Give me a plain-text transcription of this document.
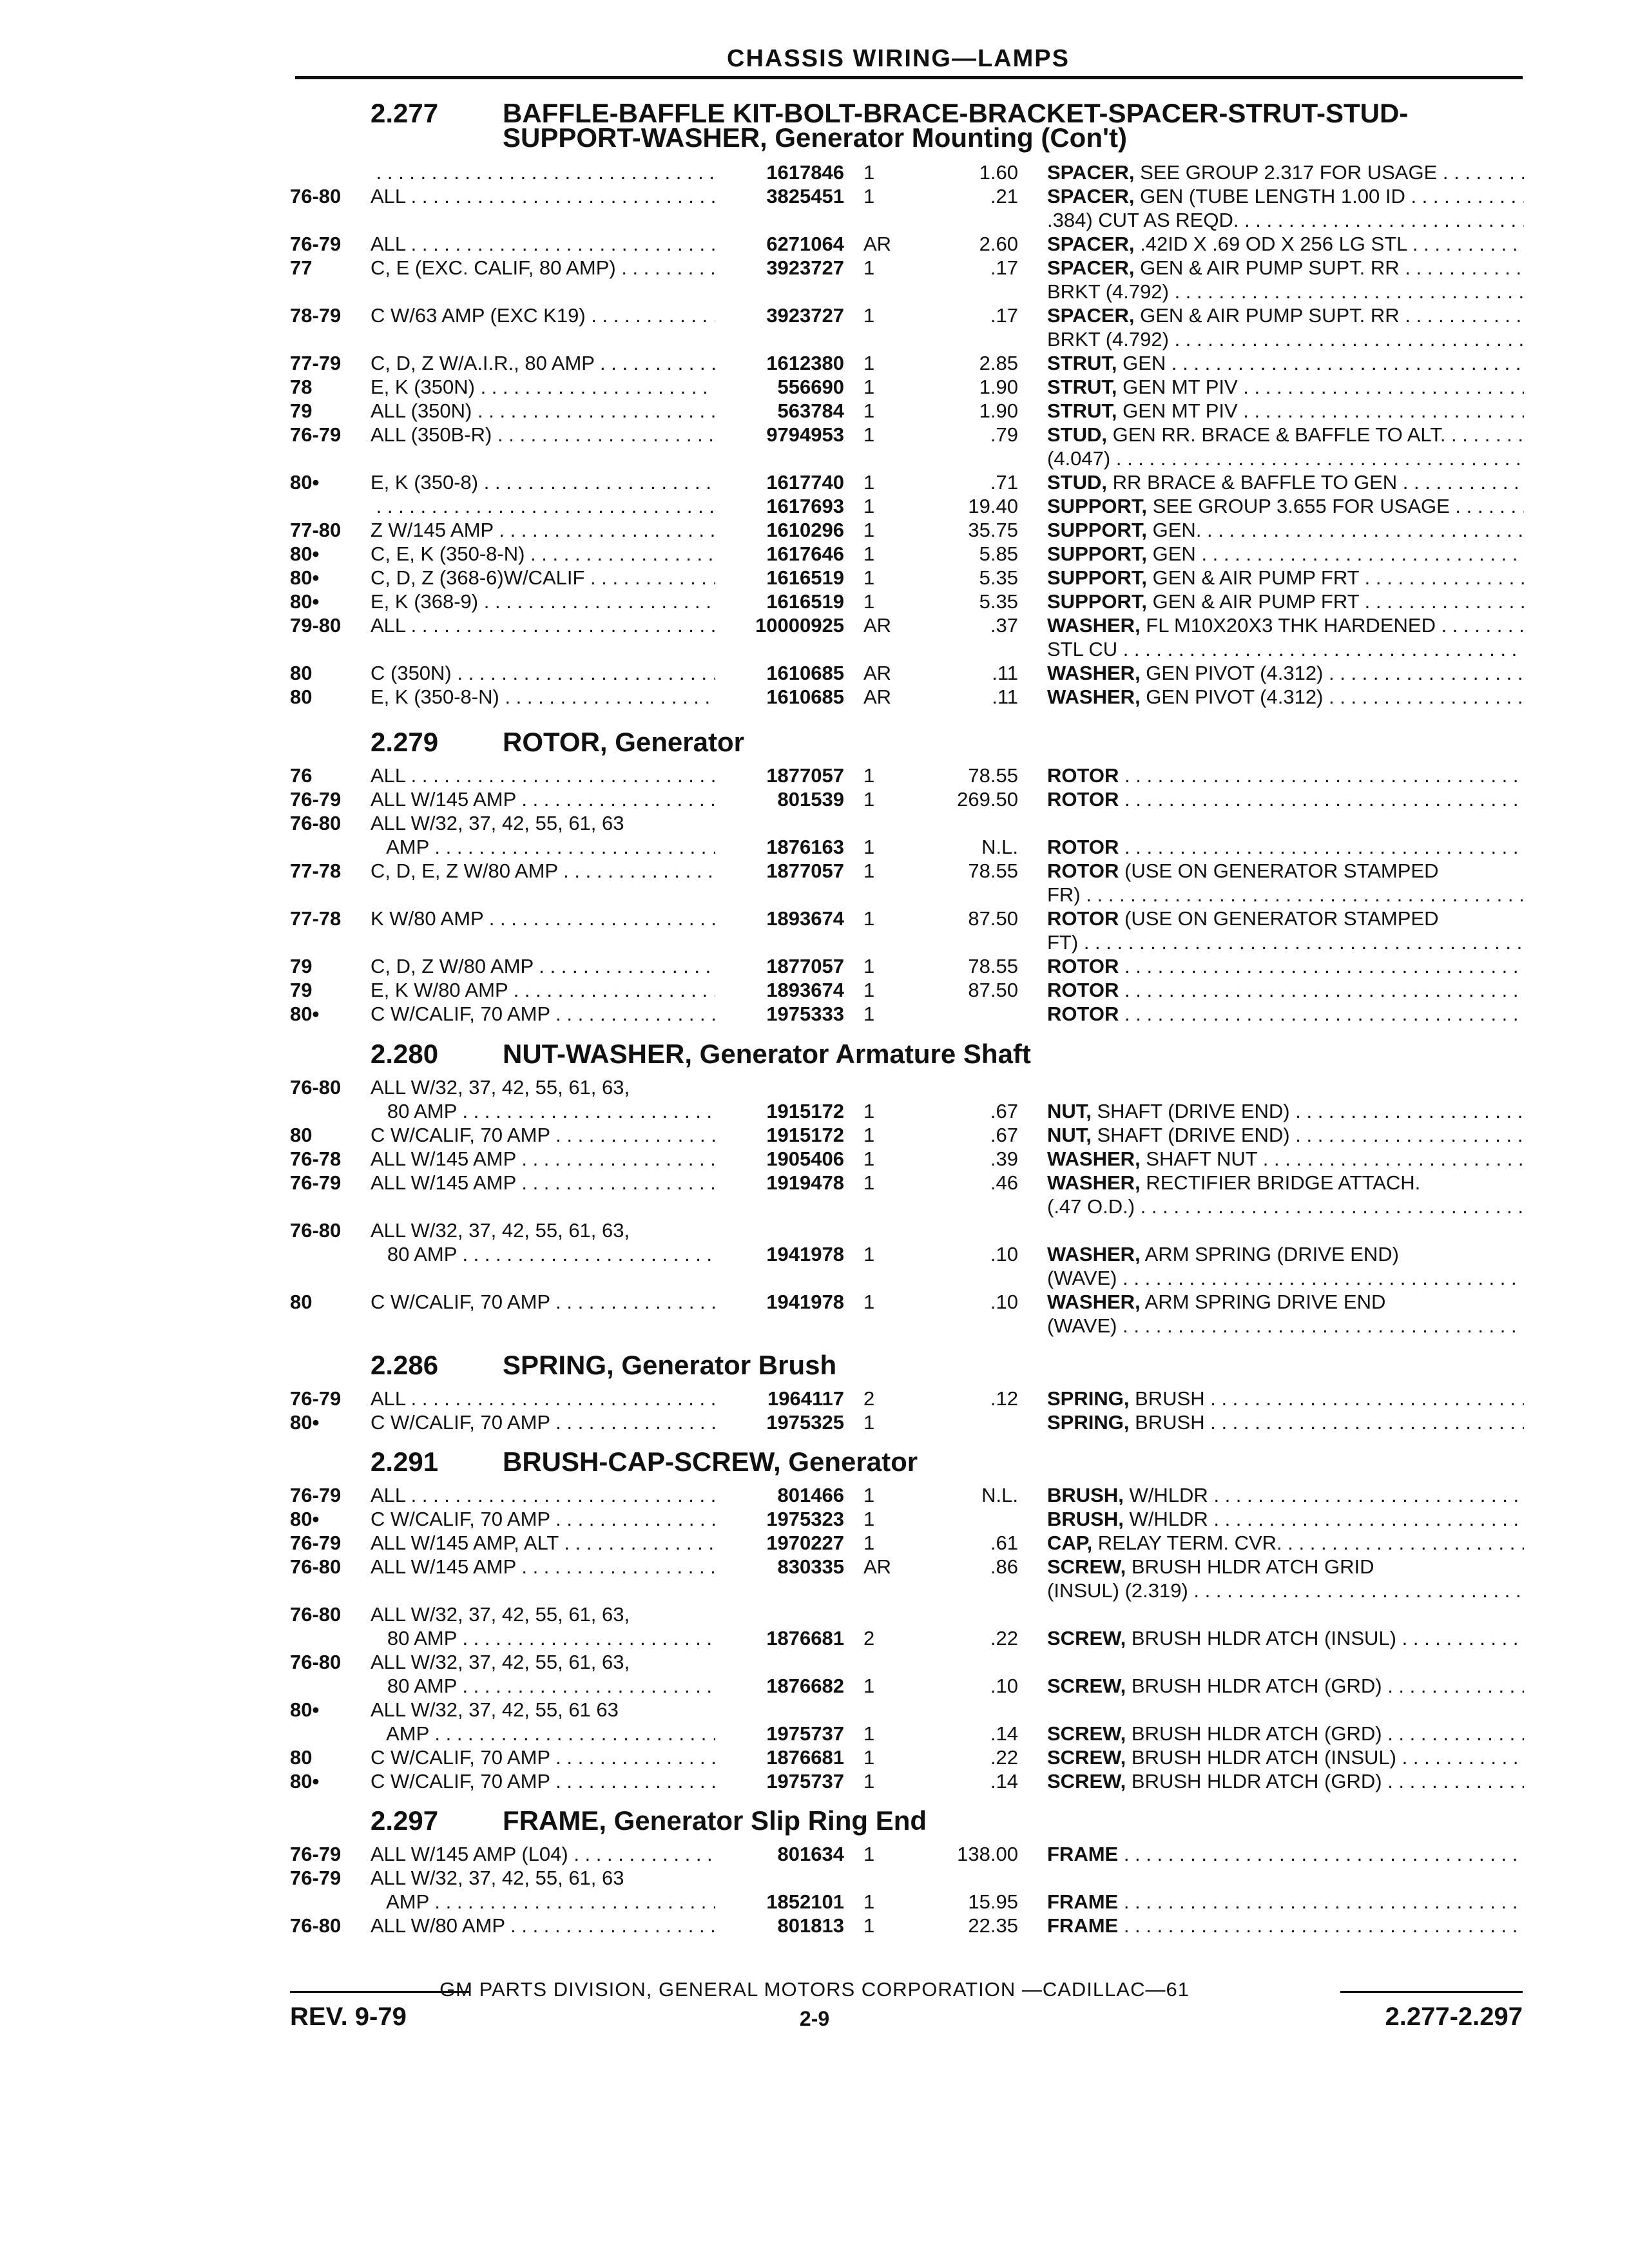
CHASSIS WIRING—LAMPS
2.277 BAFFLE-BAFFLE KIT-BOLT-BRACE-BRACKET-SPACER-STRUT-STUD-
SUPPORT-WASHER, Generator Mounting (Con't)
. . .
1617846 1	1.60 SPACER, SEE GROUP 2.317 FOR USAGE . . .
76-80	ALL . . .	3825451 1	.21 SPACER, GEN (TUBE LENGTH 1.00 ID . . .
.384) CUT AS REQD. . . .
76-79	ALL . . .	6271064 AR	2.60 SPACER, .42ID X .69 OD X 256 LG STL . . .
77	C, E (EXC. CALIF, 80 AMP) . . .	3923727 1	.17 SPACER, GEN & AIR PUMP SUPT. RR . . .
BRKT (4.792) . . .
78-79	C W/63 AMP (EXC K19) . . .	3923727 1	.17 SPACER, GEN & AIR PUMP SUPT. RR . . .
BRKT (4.792) . . .
77-79	C, D, Z W/A.I.R., 80 AMP . . .	1612380 1	2.85 STRUT, GEN . . .
78	E, K (350N) . . .	556690 1	1.90 STRUT, GEN MT PIV . . .
79	ALL (350N) . . .	563784 1	1.90 STRUT, GEN MT PIV . . .
76-79	ALL (350B-R) . . .	9794953 1	.79 STUD, GEN RR. BRACE & BAFFLE TO ALT. . . .
(4.047) . . .
80•	E, K (350-8) . . .	1617740 1	.71 STUD, RR BRACE & BAFFLE TO GEN . . .
. . .
1617693 1	19.40 SUPPORT, SEE GROUP 3.655 FOR USAGE . . .
77-80	Z W/145 AMP . . .	1610296 1	35.75 SUPPORT, GEN. . . .
80•	C, E, K (350-8-N) . . .	1617646 1	5.85 SUPPORT, GEN . . .
80•	C, D, Z (368-6)W/CALIF . . .	1616519 1	5.35 SUPPORT, GEN & AIR PUMP FRT . . .
80•	E, K (368-9) . . .	1616519 1	5.35 SUPPORT, GEN & AIR PUMP FRT . . .
79-80	ALL . . .	10000925 AR	.37 WASHER, FL M10X20X3 THK HARDENED . . .
STL CU . . .
80	C (350N) . . .	1610685 AR	.11 WASHER, GEN PIVOT (4.312) . . .
80	E, K (350-8-N) . . .	1610685 AR	.11 WASHER, GEN PIVOT (4.312) . . .
2.279 ROTOR, Generator
76	ALL . . .	1877057 1	78.55 ROTOR . . .
76-79	ALL W/145 AMP . . .	801539 1	269.50 ROTOR . . .
76-80	ALL W/32, 37, 42, 55, 61, 63
AMP . . .	1876163 1	N.L. ROTOR . . .
77-78	C, D, E, Z W/80 AMP . . .	1877057 1	78.55 ROTOR (USE ON GENERATOR STAMPED
FR) . . .
77-78	K W/80 AMP . . .	1893674 1	87.50 ROTOR (USE ON GENERATOR STAMPED
FT) . . .
79	C, D, Z W/80 AMP . . .	1877057 1	78.55 ROTOR . . .
79	E, K W/80 AMP . . .	1893674 1	87.50 ROTOR . . .
80•	C W/CALIF, 70 AMP . . .	1975333 1	ROTOR . . .
2.280 NUT-WASHER, Generator Armature Shaft
76-80	ALL W/32, 37, 42, 55, 61, 63,
80 AMP . . .	1915172 1	.67 NUT, SHAFT (DRIVE END) . . .
80	C W/CALIF, 70 AMP . . .	1915172 1	.67 NUT, SHAFT (DRIVE END) . . .
76-78	ALL W/145 AMP . . .	1905406 1	.39 WASHER, SHAFT NUT . . .
76-79	ALL W/145 AMP . . .	1919478 1	.46 WASHER, RECTIFIER BRIDGE ATTACH.
(.47 O.D.) . . .
76-80	ALL W/32, 37, 42, 55, 61, 63,
80 AMP . . .	1941978 1	.10 WASHER, ARM SPRING (DRIVE END)
(WAVE) . . .
80	C W/CALIF, 70 AMP . . .	1941978 1	.10 WASHER, ARM SPRING DRIVE END
(WAVE) . . .
2.286 SPRING, Generator Brush
76-79	ALL . . .	1964117 2	.12 SPRING, BRUSH . . .
80•	C W/CALIF, 70 AMP . . .	1975325 1	SPRING, BRUSH . . .
2.291 BRUSH-CAP-SCREW, Generator
76-79	ALL . . .	801466 1	N.L. BRUSH, W/HLDR . . .
80•	C W/CALIF, 70 AMP . . .	1975323 1	BRUSH, W/HLDR . . .
76-79	ALL W/145 AMP, ALT . . .	1970227 1	.61 CAP, RELAY TERM. CVR. . . .
76-80	ALL W/145 AMP . . .	830335 AR	.86 SCREW, BRUSH HLDR ATCH GRID
(INSUL) (2.319) . . .
76-80	ALL W/32, 37, 42, 55, 61, 63,
80 AMP . . .	1876681 2	.22 SCREW, BRUSH HLDR ATCH (INSUL) . . .
76-80	ALL W/32, 37, 42, 55, 61, 63,
80 AMP . . .	1876682 1	.10 SCREW, BRUSH HLDR ATCH (GRD) . . .
80•	ALL W/32, 37, 42, 55, 61 63
AMP . . .	1975737 1	.14 SCREW, BRUSH HLDR ATCH (GRD) . . .
80	C W/CALIF, 70 AMP . . .	1876681 1	.22 SCREW, BRUSH HLDR ATCH (INSUL) . . .
80•	C W/CALIF, 70 AMP . . .	1975737 1	.14 SCREW, BRUSH HLDR ATCH (GRD) . . .
2.297 FRAME, Generator Slip Ring End
76-79	ALL W/145 AMP (L04) . . .	801634 1	138.00 FRAME . . .
76-79	ALL W/32, 37, 42, 55, 61, 63
AMP . . .	1852101 1	15.95 FRAME . . .
76-80	ALL W/80 AMP . . .	801813 1	22.35 FRAME . . .
GM PARTS DIVISION, GENERAL MOTORS CORPORATION —CADILLAC—61
REV. 9-79	2-9	2.277-2.297
